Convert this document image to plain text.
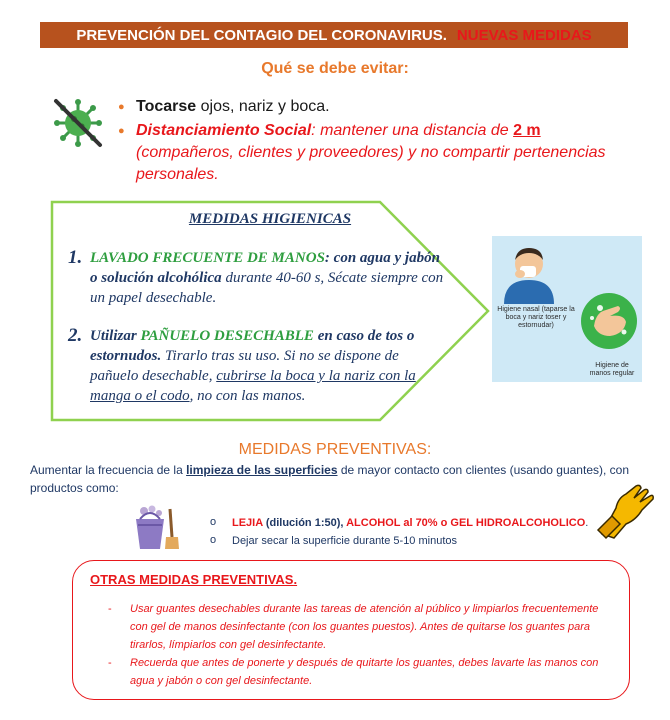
PREVENCIÓN DEL CONTAGIO DEL CORONAVIRUS. NUEVAS MEDIDAS
Qué se debe evitar:
● Tocarse ojos, nariz y boca.
● Distanciamiento Social: mantener una distancia de 2 m (compañeros, clientes y proveedores) y no compartir pertenencias personales.
MEDIDAS HIGIENICAS
1. LAVADO FRECUENTE DE MANOS: con agua y jabón o solución alcohólica durante 40-60 s, Sécate siempre con un papel desechable.
2. Utilizar PAÑUELO DESECHABLE en caso de tos o estornudos. Tirarlo tras su uso. Si no se dispone de pañuelo desechable, cubrirse la boca y la nariz con la manga o el codo, no con las manos.
Higiene nasal (taparse la boca y nariz toser y estornudar)
Higiene de manos regular
MEDIDAS PREVENTIVAS:
Aumentar la frecuencia de la limpieza de las superficies de mayor contacto con clientes (usando guantes), con productos como:
o LEJIA (dilución 1:50), ALCOHOL al 70% o GEL HIDROALCOHOLICO.
o Dejar secar la superficie durante 5-10 minutos
OTRAS MEDIDAS PREVENTIVAS.
- Usar guantes desechables durante las tareas de atención al público y limpiarlos frecuentemente con gel de manos desinfectante (con los guantes puestos). Antes de quitarse los guantes para tirarlos, límpiarlos con gel desinfectante.
- Recuerda que antes de ponerte y después de quitarte los guantes, debes lavarte las manos con agua y jabón o con gel desinfectante.
